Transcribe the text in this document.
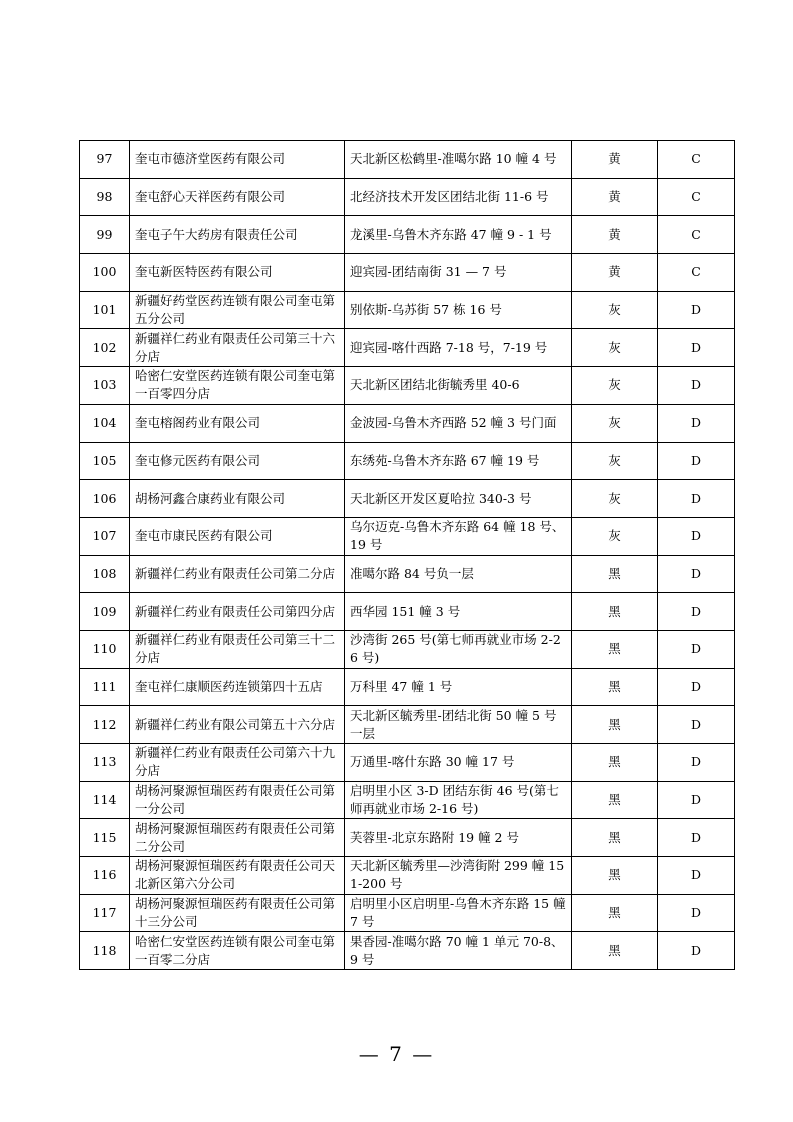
97	奎屯市德济堂医药有限公司	天北新区松鹤里-准噶尔路 10 幢 4 号	黄	C
98	奎屯舒心天祥医药有限公司	北经济技术开发区团结北街 11-6 号	黄	C
99	奎屯子午大药房有限责任公司	龙溪里-乌鲁木齐东路 47 幢 9 - 1 号	黄	C
100	奎屯新医特医药有限公司	迎宾园-团结南街 31 — 7 号	黄	C
101	新疆好药堂医药连锁有限公司奎屯第五分公司	别依斯-乌苏街 57 栋 16 号	灰	D
102	新疆祥仁药业有限责任公司第三十六分店	迎宾园-喀什西路 7-18 号，7-19 号	灰	D
103	哈密仁安堂医药连锁有限公司奎屯第一百零四分店	天北新区团结北街毓秀里 40-6	灰	D
104	奎屯榕阁药业有限公司	金波园-乌鲁木齐西路 52 幢 3 号门面	灰	D
105	奎屯修元医药有限公司	东绣苑-乌鲁木齐东路 67 幢 19 号	灰	D
106	胡杨河鑫合康药业有限公司	天北新区开发区夏哈拉 340-3 号	灰	D
107	奎屯市康民医药有限公司	乌尔迈克-乌鲁木齐东路 64 幢 18 号、19 号	灰	D
108	新疆祥仁药业有限责任公司第二分店	准噶尔路 84 号负一层	黑	D
109	新疆祥仁药业有限责任公司第四分店	西华园 151 幢 3 号	黑	D
110	新疆祥仁药业有限责任公司第三十二分店	沙湾街 265 号(第七师再就业市场 2-26 号)	黑	D
111	奎屯祥仁康顺医药连锁第四十五店	万科里 47 幢 1 号	黑	D
112	新疆祥仁药业有限公司第五十六分店	天北新区毓秀里-团结北街 50 幢 5 号一层	黑	D
113	新疆祥仁药业有限责任公司第六十九分店	万通里-喀什东路 30 幢 17 号	黑	D
114	胡杨河聚源恒瑞医药有限责任公司第一分公司	启明里小区 3-D 团结东街 46 号(第七师再就业市场 2-16 号)	黑	D
115	胡杨河聚源恒瑞医药有限责任公司第二分公司	芙蓉里-北京东路附 19 幢 2 号	黑	D
116	胡杨河聚源恒瑞医药有限责任公司天北新区第六分公司	天北新区毓秀里—沙湾街附 299 幢 151-200 号	黑	D
117	胡杨河聚源恒瑞医药有限责任公司第十三分公司	启明里小区启明里-乌鲁木齐东路 15 幢 7 号	黑	D
118	哈密仁安堂医药连锁有限公司奎屯第一百零二分店	果香园-准噶尔路 70 幢 1 单元 70-8、9 号	黑	D
— 7 —
